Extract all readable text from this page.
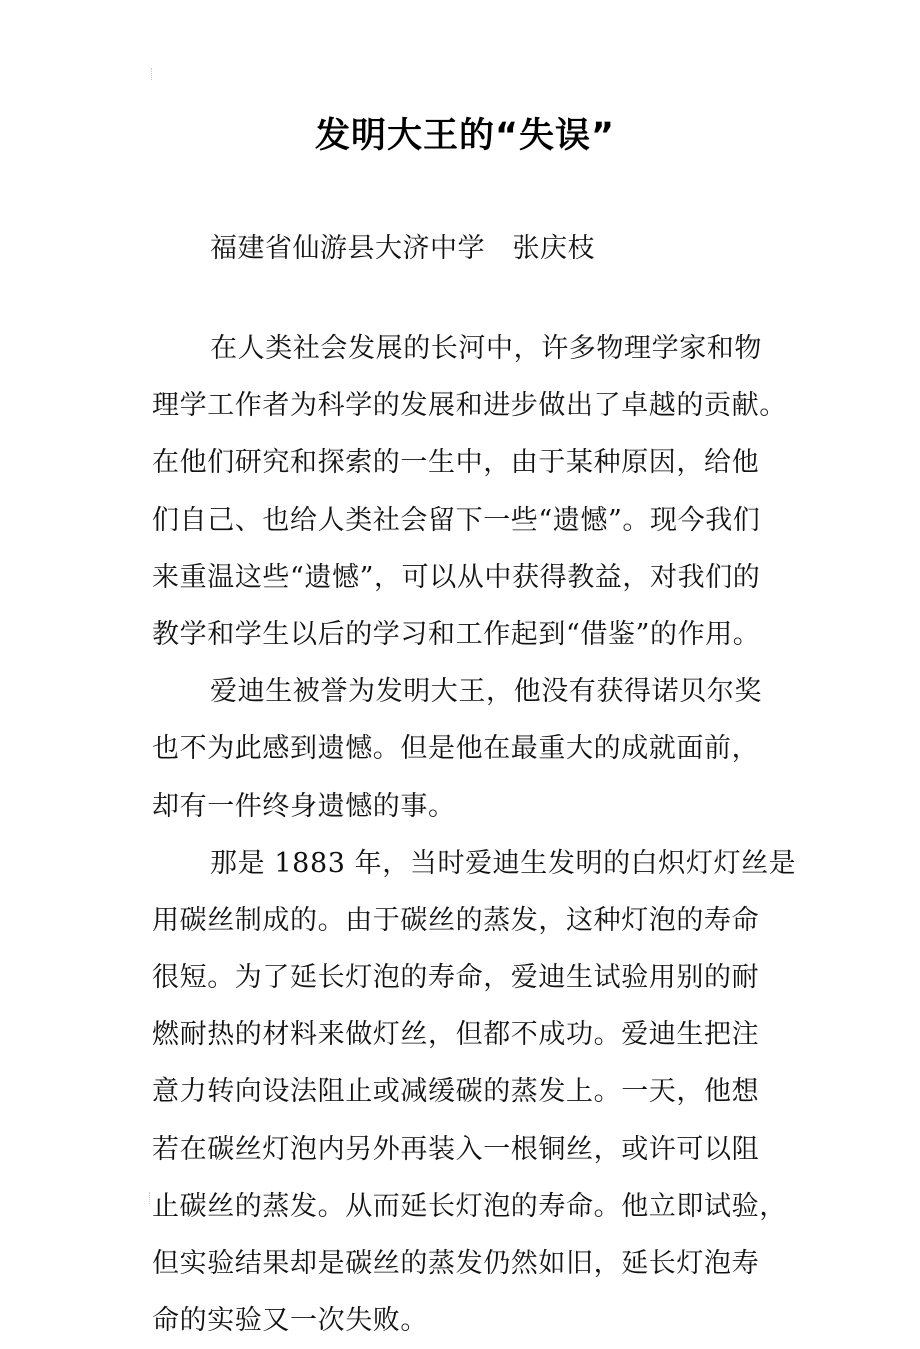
发明大王的“失误”
福建省仙游县大济中学　张庆枝
在人类社会发展的长河中，许多物理学家和物
理学工作者为科学的发展和进步做出了卓越的贡献。
在他们研究和探索的一生中，由于某种原因，给他
们自己、也给人类社会留下一些“遗憾”。现今我们
来重温这些“遗憾”，可以从中获得教益，对我们的
教学和学生以后的学习和工作起到“借鉴”的作用。
爱迪生被誉为发明大王，他没有获得诺贝尔奖
也不为此感到遗憾。但是他在最重大的成就面前，
却有一件终身遗憾的事。
那是 1883 年，当时爱迪生发明的白炽灯灯丝是
用碳丝制成的。由于碳丝的蒸发，这种灯泡的寿命
很短。为了延长灯泡的寿命，爱迪生试验用别的耐
燃耐热的材料来做灯丝，但都不成功。爱迪生把注
意力转向设法阻止或减缓碳的蒸发上。一天，他想
若在碳丝灯泡内另外再装入一根铜丝，或许可以阻
止碳丝的蒸发。从而延长灯泡的寿命。他立即试验，
但实验结果却是碳丝的蒸发仍然如旧，延长灯泡寿
命的实验又一次失败。
